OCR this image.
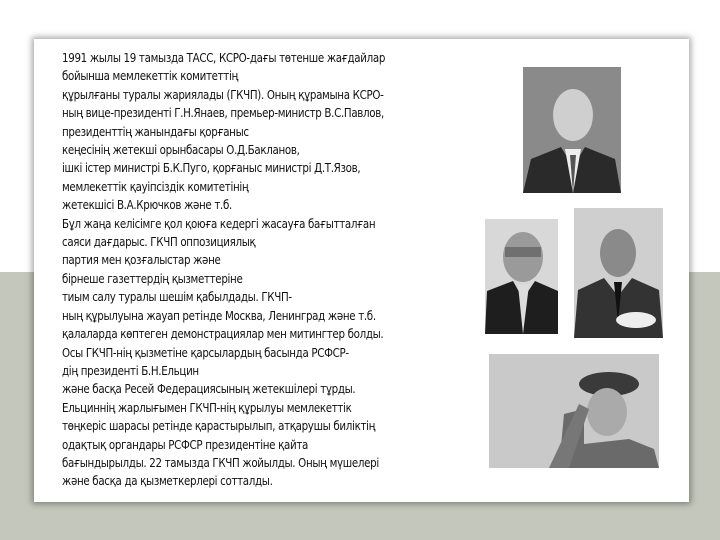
1991 жылы 19 тамызда ТАСС, КСРО-дағы төтенше жағдайлар
бойынша мемлекеттік комитеттің
құрылғаны туралы жариялады (ГКЧП). Оның құрамына КСРО-
ның вице-президенті Г.Н.Янаев, премьер-министр В.С.Павлов,
президенттің жанындағы қорғаныс
кеңесінің жетекші орынбасары О.Д.Бакланов,
ішкі істер министрі Б.К.Пуго, қорғаныс министрі Д.Т.Язов,
мемлекеттік қауіпсіздік комитетінің
жетекшісі В.А.Крючков және т.б.
Бұл жаңа келісімге қол қоюға кедергі жасауға бағытталған
саяси дағдарыс. ГКЧП оппозициялық
партия мен қозғалыстар және
бірнеше газеттердің қызметтеріне
тиым салу туралы шешім қабылдады. ГКЧП-
ның құрылуына жауап ретінде Москва, Ленинград және т.б.
қалаларда көптеген демонстрациялар мен митингтер болды.
Осы ГКЧП-нің қызметіне қарсылардың басында РСФСР-
дің президенті Б.Н.Ельцин
және басқа Ресей Федерациясының жетекшілері тұрды.
Ельциннің жарлығымен ГКЧП-нің құрылуы мемлекеттік
төңкеріс шарасы ретінде қарастырылып, атқарушы биліктің
одақтық органдары РСФСР президентіне қайта
бағындырылды. 22 тамызда ГКЧП жойылды. Оның мүшелері
және басқа да қызметкерлері сотталды.
